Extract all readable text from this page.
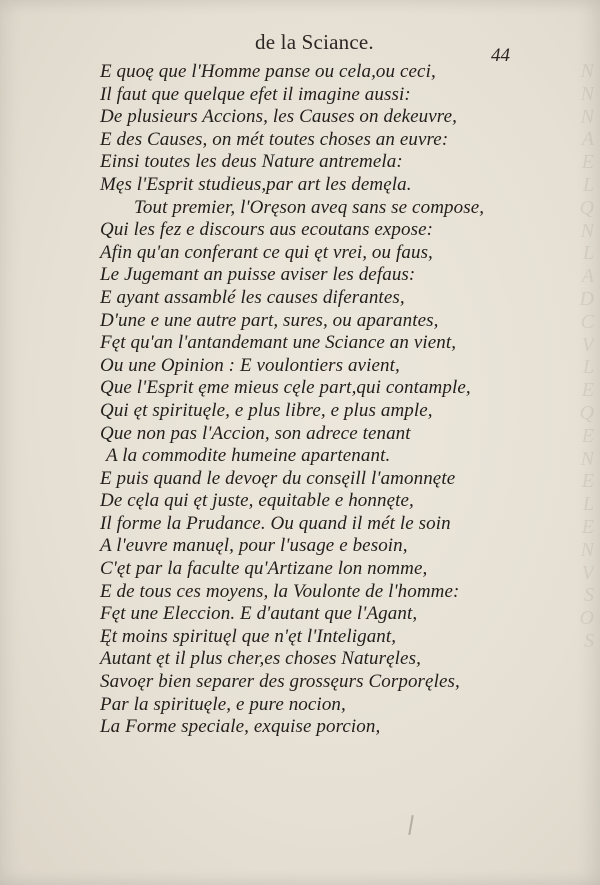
N
N
N
A
E
L
Q
N
L
A
D
C
V
L
E
Q
E
N
E
L
E
N
V
S
O
S
de la Sciance.
44
E quoę que l'Homme panse ou cela,ou ceci,
Il faut que quelque efet il imagine aussi:
De plusieurs Accions, les Causes on dekeuvre,
E des Causes, on mét toutes choses an euvre:
Einsi toutes les deus Nature antremela:
Męs l'Esprit studieus,par art les demęla.
Tout premier, l'Oręson aveq sans se compose,
Qui les fez e discours aus ecoutans expose:
Afin qu'an conferant ce qui ęt vrei, ou faus,
Le Jugemant an puisse aviser les defaus:
E ayant assamblé les causes diferantes,
D'une e une autre part, sures, ou aparantes,
Fęt qu'an l'antandemant une Sciance an vient,
Ou une Opinion : E voulontiers avient,
Que l'Esprit ęme mieus cęle part,qui contample,
Qui ęt spirituęle, e plus libre, e plus ample,
Que non pas l'Accion, son adrece tenant
A la commodite humeine apartenant.
E puis quand le devoęr du consęill l'amonnęte
De cęla qui ęt juste, equitable e honnęte,
Il forme la Prudance. Ou quand il mét le soin
A l'euvre manuęl, pour l'usage e besoin,
C'ęt par la faculte qu'Artizane lon nomme,
E de tous ces moyens, la Voulonte de l'homme:
Fęt une Eleccion. E d'autant que l'Agant,
Ęt moins spirituęl que n'ęt l'Inteligant,
Autant ęt il plus cher,es choses Naturęles,
Savoęr bien separer des grossęurs Corporęles,
Par la spirituęle, e pure nocion,
La Forme speciale, exquise porcion,
